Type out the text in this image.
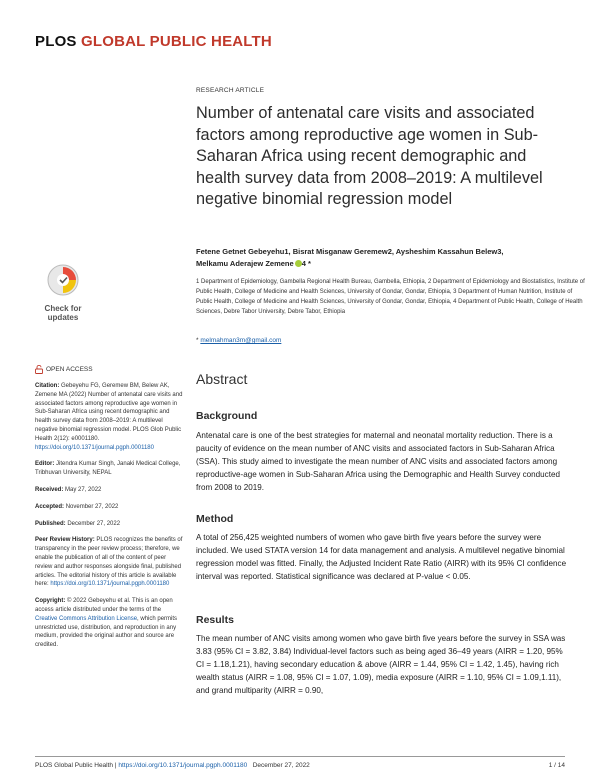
PLOS GLOBAL PUBLIC HEALTH
RESEARCH ARTICLE
Number of antenatal care visits and associated factors among reproductive age women in Sub-Saharan Africa using recent demographic and health survey data from 2008–2019: A multilevel negative binomial regression model
Fetene Getnet Gebeyehu1, Bisrat Misganaw Geremew2, Aysheshim Kassahun Belew3,
Melkamu Aderajew Zemene 4 *
1 Department of Epidemiology, Gambella Regional Health Bureau, Gambella, Ethiopia, 2 Department of Epidemiology and Biostatistics, Institute of Public Health, College of Medicine and Health Sciences, University of Gondar, Gondar, Ethiopia, 3 Department of Human Nutrition, Institute of Public Health, College of Medicine and Health Sciences, University of Gondar, Gondar, Ethiopia, 4 Department of Public Health, College of Health Sciences, Debre Tabor University, Debre Tabor, Ethiopia
* melmahman3m@gmail.com
Check for updates
OPEN ACCESS

Citation: Gebeyehu FG, Geremew BM, Belew AK, Zemene MA (2022) Number of antenatal care visits and associated factors among reproductive age women in Sub-Saharan Africa using recent demographic and health survey data from 2008–2019: A multilevel negative binomial regression model. PLOS Glob Public Health 2(12): e0001180. https://doi.org/10.1371/journal.pgph.0001180

Editor: Jitendra Kumar Singh, Janaki Medical College, Tribhuvan University, NEPAL

Received: May 27, 2022

Accepted: November 27, 2022

Published: December 27, 2022

Peer Review History: PLOS recognizes the benefits of transparency in the peer review process; therefore, we enable the publication of all of the content of peer review and author responses alongside final, published articles. The editorial history of this article is available here: https://doi.org/10.1371/journal.pgph.0001180

Copyright: © 2022 Gebeyehu et al. This is an open access article distributed under the terms of the Creative Commons Attribution License, which permits unrestricted use, distribution, and reproduction in any medium, provided the original author and source are credited.

Abstract
Background

Antenatal care is one of the best strategies for maternal and neonatal mortality reduction. There is a paucity of evidence on the mean number of ANC visits and associated factors in Sub-Saharan Africa (SSA). This study aimed to investigate the mean number of ANC visits and associated factors among reproductive-age women in Sub-Saharan Africa using the Demographic and Health Survey conducted from 2008 to 2019.

Method

A total of 256,425 weighted numbers of women who gave birth five years before the survey were included. We used STATA version 14 for data management and analysis. A multilevel negative binomial regression model was fitted. Finally, the Adjusted Incident Rate Ratio (AIRR) with its 95% CI confidence interval was reported. Statistical significance was declared at P-value < 0.05.

Results

The mean number of ANC visits among women who gave birth five years before the survey in SSA was 3.83 (95% CI = 3.82, 3.84) Individual-level factors such as being aged 36–49 years (AIRR = 1.20, 95% CI = 1.18,1.21), having secondary education & above (AIRR = 1.44, 95% CI = 1.42, 1.45), having rich wealth status (AIRR = 1.08, 95% CI = 1.07, 1.09), media exposure (AIRR = 1.10, 95% CI = 1.09,1.11), and grand multiparity (AIRR = 0.90,

PLOS Global Public Health | https://doi.org/10.1371/journal.pgph.0001180 December 27, 2022	1 / 14
